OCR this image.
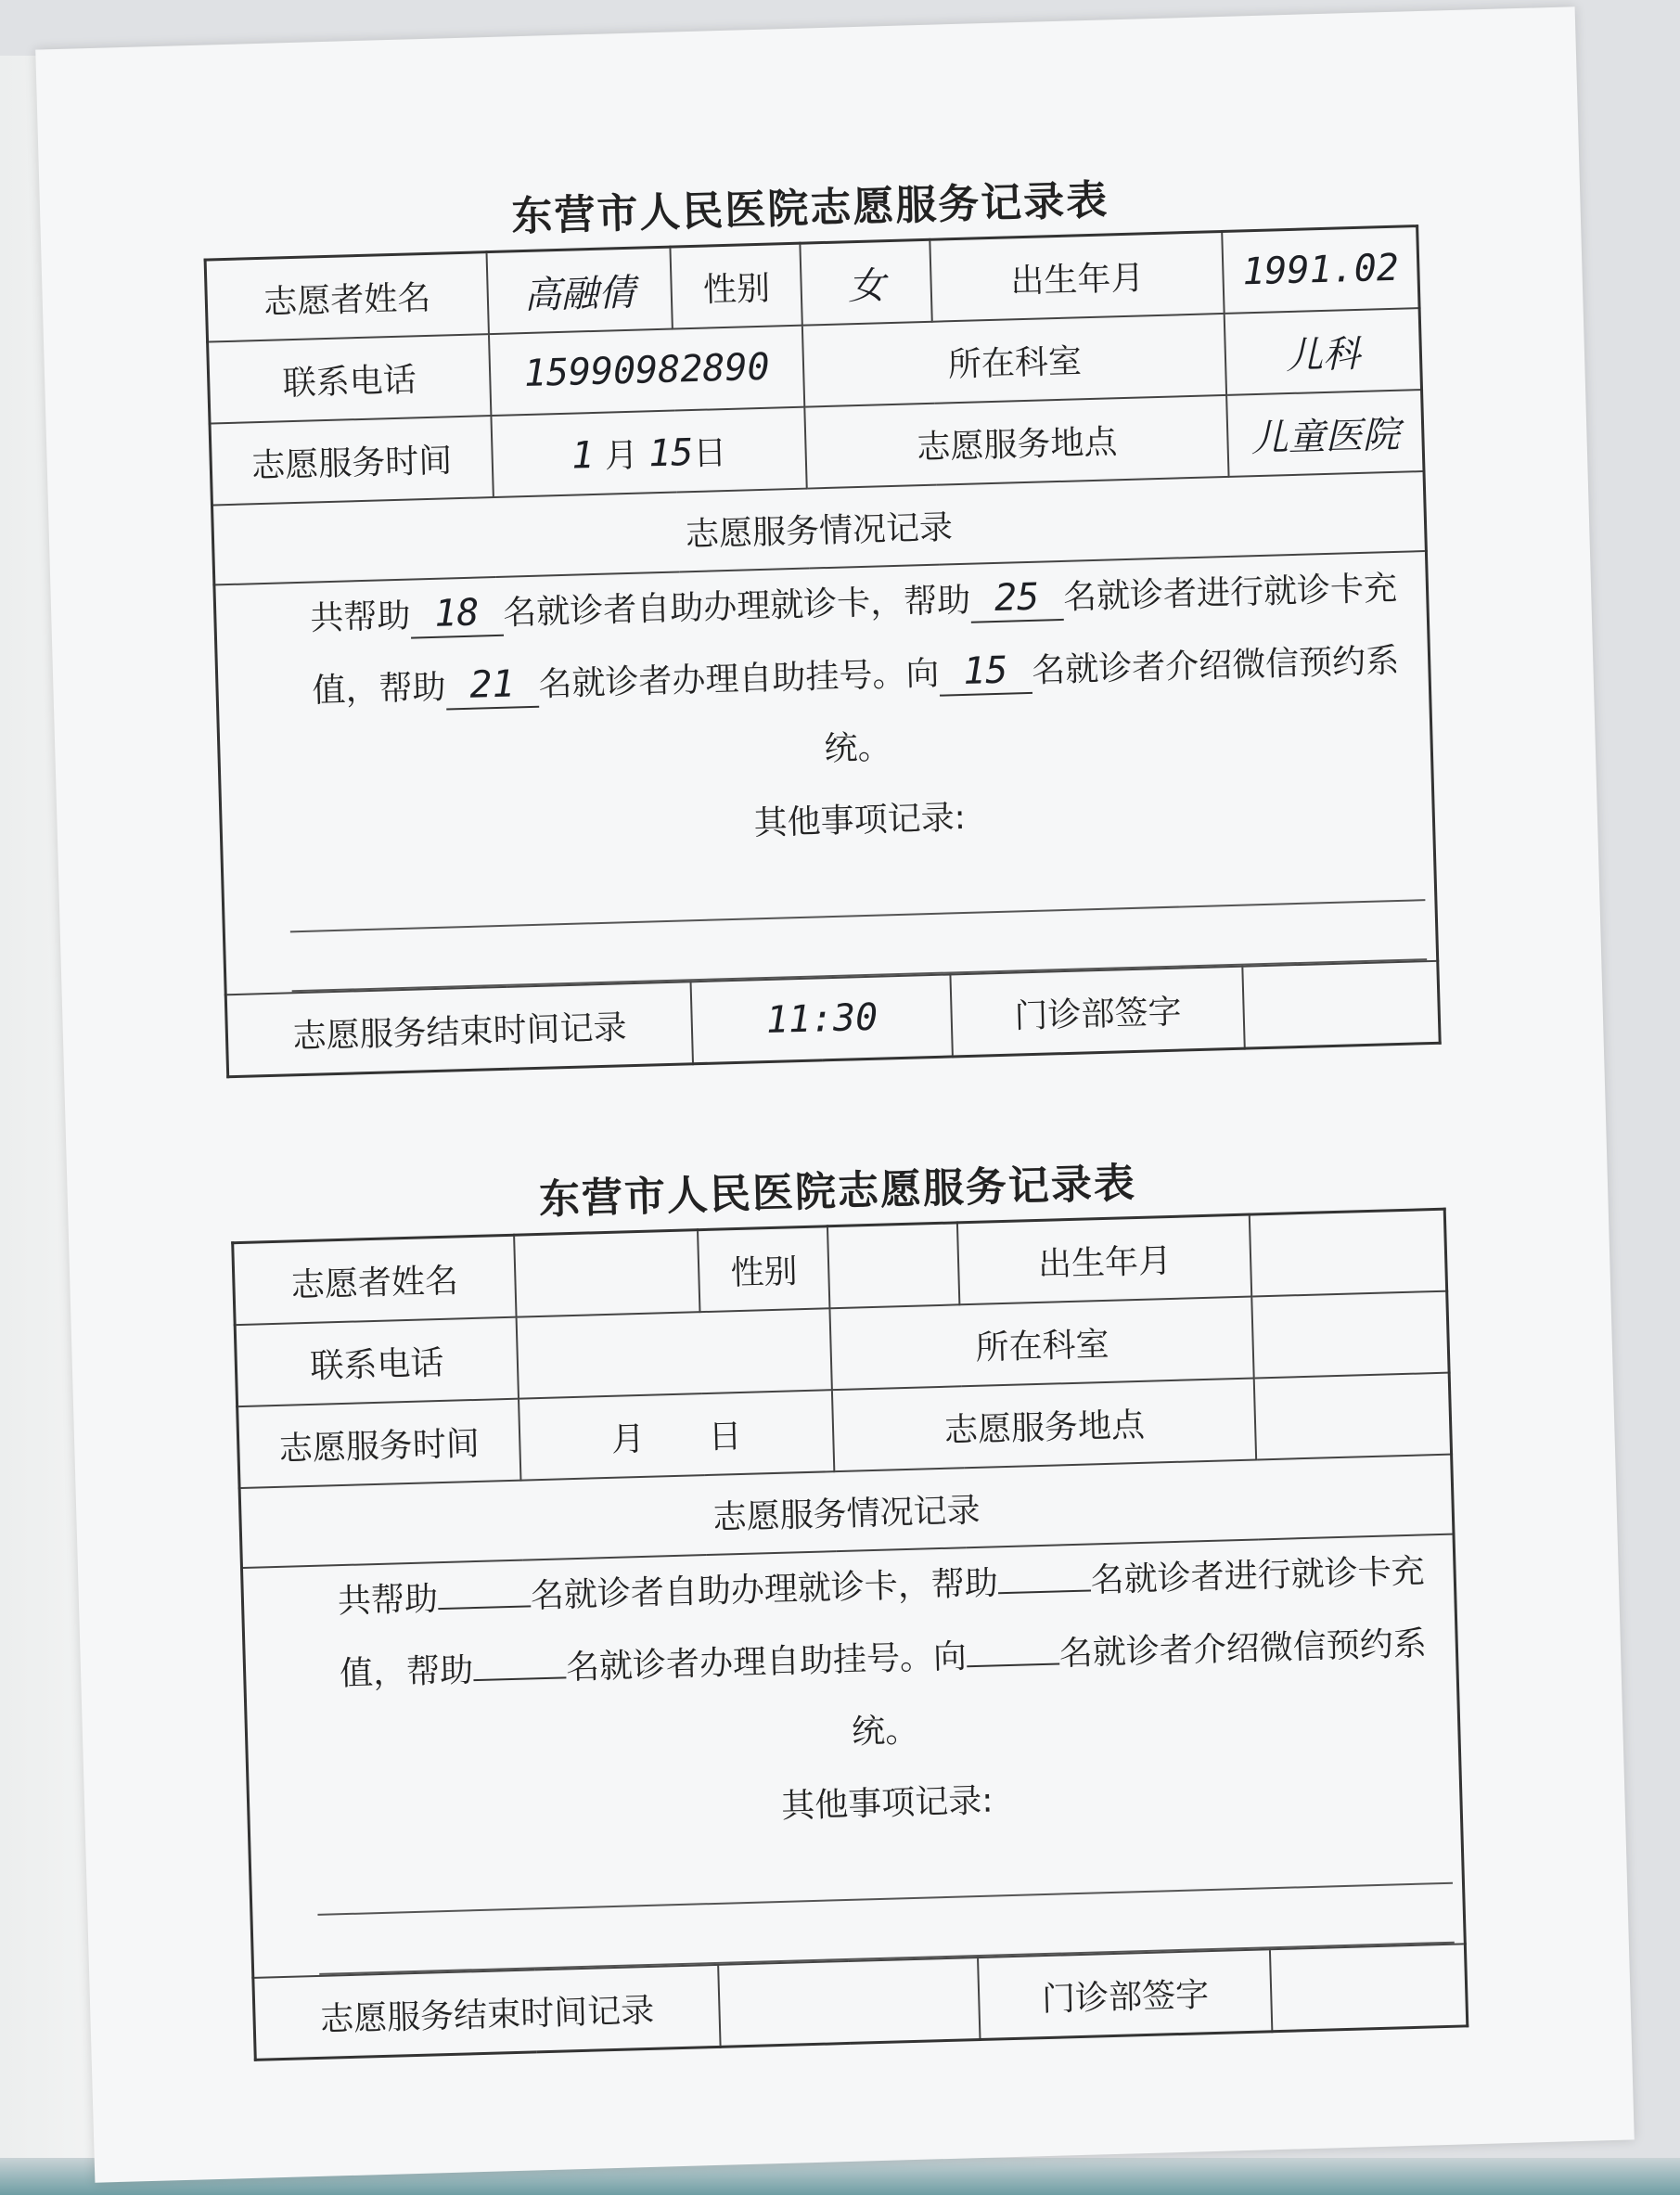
东营市人民医院志愿服务记录表
志愿者姓名	高融倩	性别	女	出生年月	1991.02
联系电话	15990982890		所在科室		儿科
志愿服务时间	1 月 15日		志愿服务地点		儿童医院
志愿服务情况记录					

共帮助 18 名就诊者自助办理就诊卡，帮助 25 名就诊者进行就诊卡充值，帮助 21 名就诊者办理自助挂号。向 15 名就诊者介绍微信预约系统。
其他事项记录:					

志愿服务结束时间记录		11:30		门诊部签字	
东营市人民医院志愿服务记录表
志愿者姓名		性别		出生年月	
联系电话			所在科室		
志愿服务时间	月 日		志愿服务地点		
志愿服务情况记录					

共帮助 名就诊者自助办理就诊卡，帮助 名就诊者进行就诊卡充值，帮助 名就诊者办理自助挂号。向 名就诊者介绍微信预约系统。
其他事项记录:					

志愿服务结束时间记录				门诊部签字	
